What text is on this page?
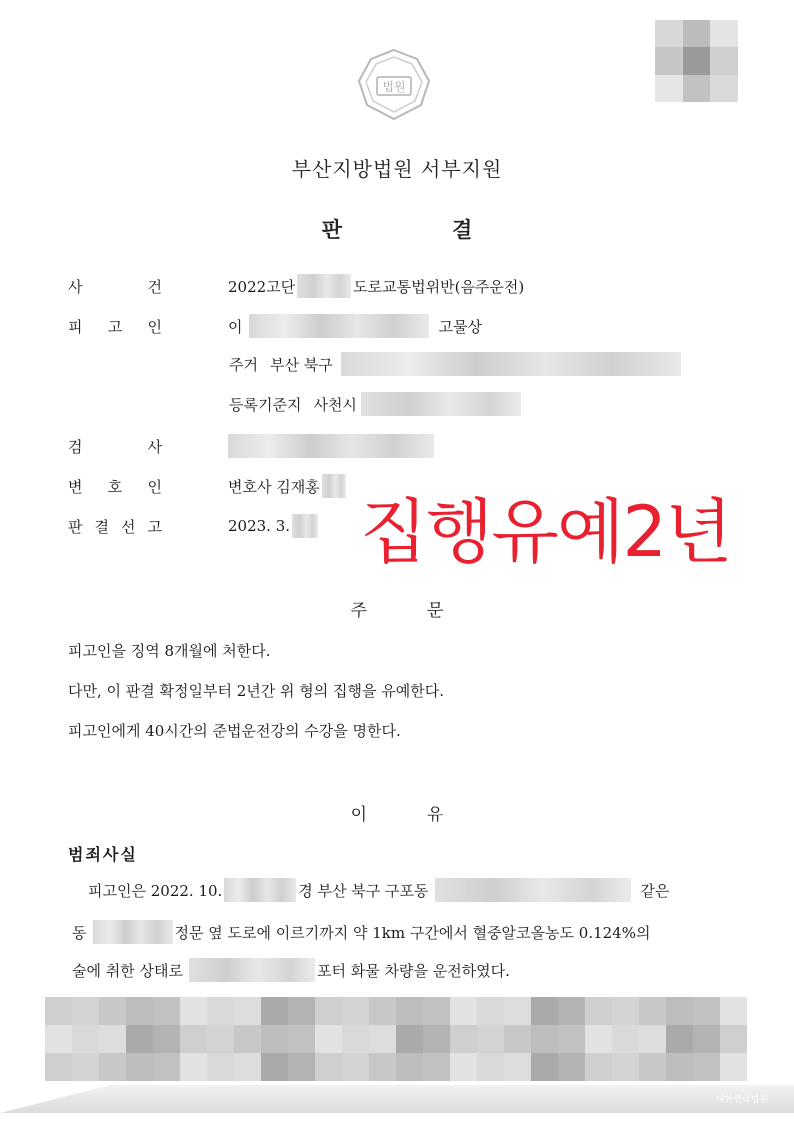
법원
부산지방법원 서부지원
판	결
사	건	2022고단	도로교통법위반(음주운전)
피 고 인	이	고물상
주거 부산 북구
등록기준지 사천시
검	사
변 호 인	변호사 김재홍
판 결 선 고	2023. 3. 집행유예2년
주	문
피고인을 징역 8개월에 처한다.
다만, 이 판결 확정일부터 2년간 위 형의 집행을 유예한다.
피고인에게 40시간의 준법운전강의 수강을 명한다.
이	유
범죄사실
피고인은 2022. 10.	경 부산 북구 구포동	같은
동	정문 옆 도로에 이르기까지 약 1km 구간에서 혈중알코올농도 0.124%의
술에 취한 상태로	포터 화물 차량을 운전하였다.
대한민국법원
